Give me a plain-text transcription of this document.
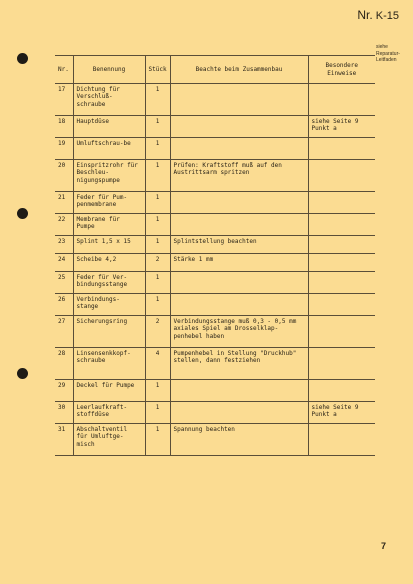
Nr. K-15
siehe
Reparatur-
Leitfaden
Nr.	Benennung	Stück	Beachte beim Zusammenbau	Besondere Einweise
17	Dichtung für Verschluß-schraube	1		
18	Hauptdüse	1		siehe Seite 9 Punkt a
19	Umluftschrau-be	1		
20	Einspritzrohr für Beschleu-nigungspumpe	1	Prüfen: Kraftstoff muß auf den Austrittsarm spritzen	
21	Feder für Pum-penmembrane	1		
22	Membrane für Pumpe	1		
23	Splint 1,5 x 15	1	Splintstellung beachten	
24	Scheibe 4,2	2	Stärke 1 mm	
25	Feder für Ver-bindungsstange	1		
26	Verbindungs-stange	1		
27	Sicherungsring	2	Verbindungsstange muß 0,3 - 0,5 mm axiales Spiel am Drosselklap-penhebel haben	
28	Linsensenkkopf-schraube	4	Pumpenhebel in Stellung "Druckhub" stellen, dann festziehen	
29	Deckel für Pumpe	1		
30	Leerlaufkraft-stoffdüse	1		siehe Seite 9 Punkt a
31	Abschaltventil für Umluftge-misch	1	Spannung beachten	
7
